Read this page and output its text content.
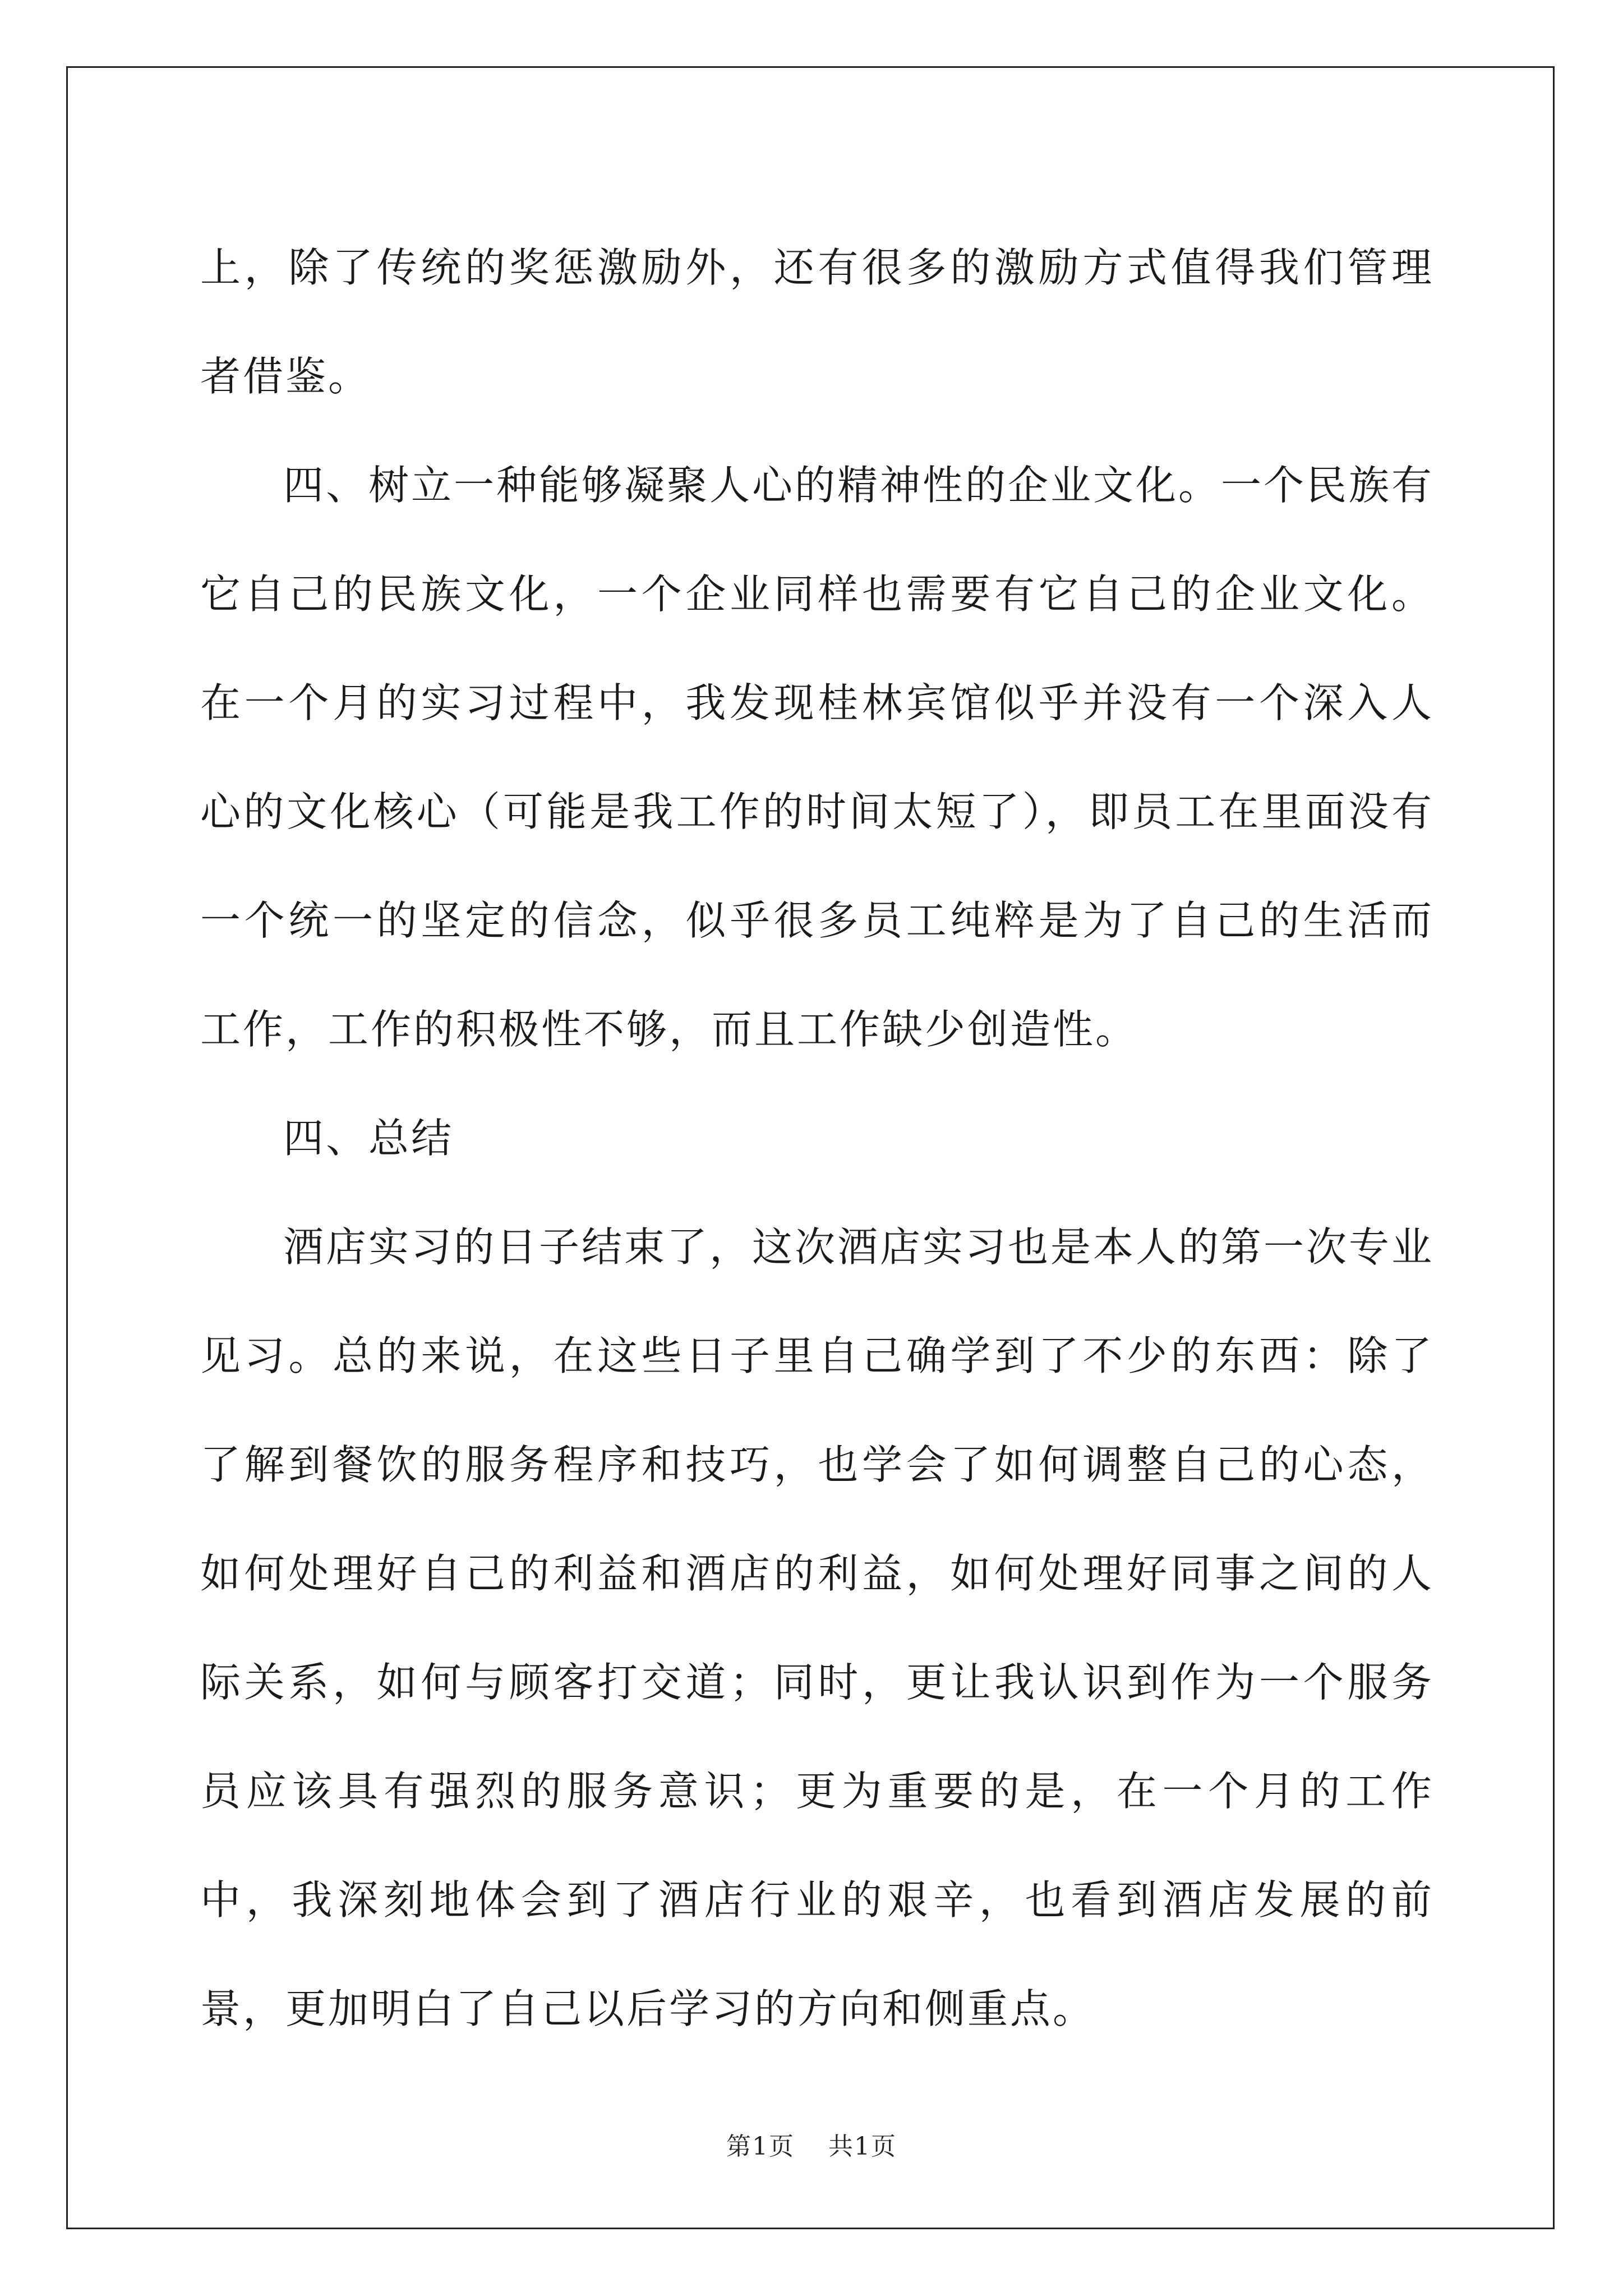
上，除了传统的奖惩激励外，还有很多的激励方式值得我们管理者借鉴。

四、树立一种能够凝聚人心的精神性的企业文化。一个民族有它自己的民族文化，一个企业同样也需要有它自己的企业文化。在一个月的实习过程中，我发现桂林宾馆似乎并没有一个深入人心的文化核心（可能是我工作的时间太短了），即员工在里面没有一个统一的坚定的信念，似乎很多员工纯粹是为了自己的生活而工作，工作的积极性不够，而且工作缺少创造性。

四、总结

酒店实习的日子结束了，这次酒店实习也是本人的第一次专业见习。总的来说，在这些日子里自己确学到了不少的东西：除了了解到餐饮的服务程序和技巧，也学会了如何调整自己的心态，如何处理好自己的利益和酒店的利益，如何处理好同事之间的人际关系，如何与顾客打交道；同时，更让我认识到作为一个服务员应该具有强烈的服务意识；更为重要的是，在一个月的工作中，我深刻地体会到了酒店行业的艰辛，也看到酒店发展的前景，更加明白了自己以后学习的方向和侧重点。

第1页 共1页
